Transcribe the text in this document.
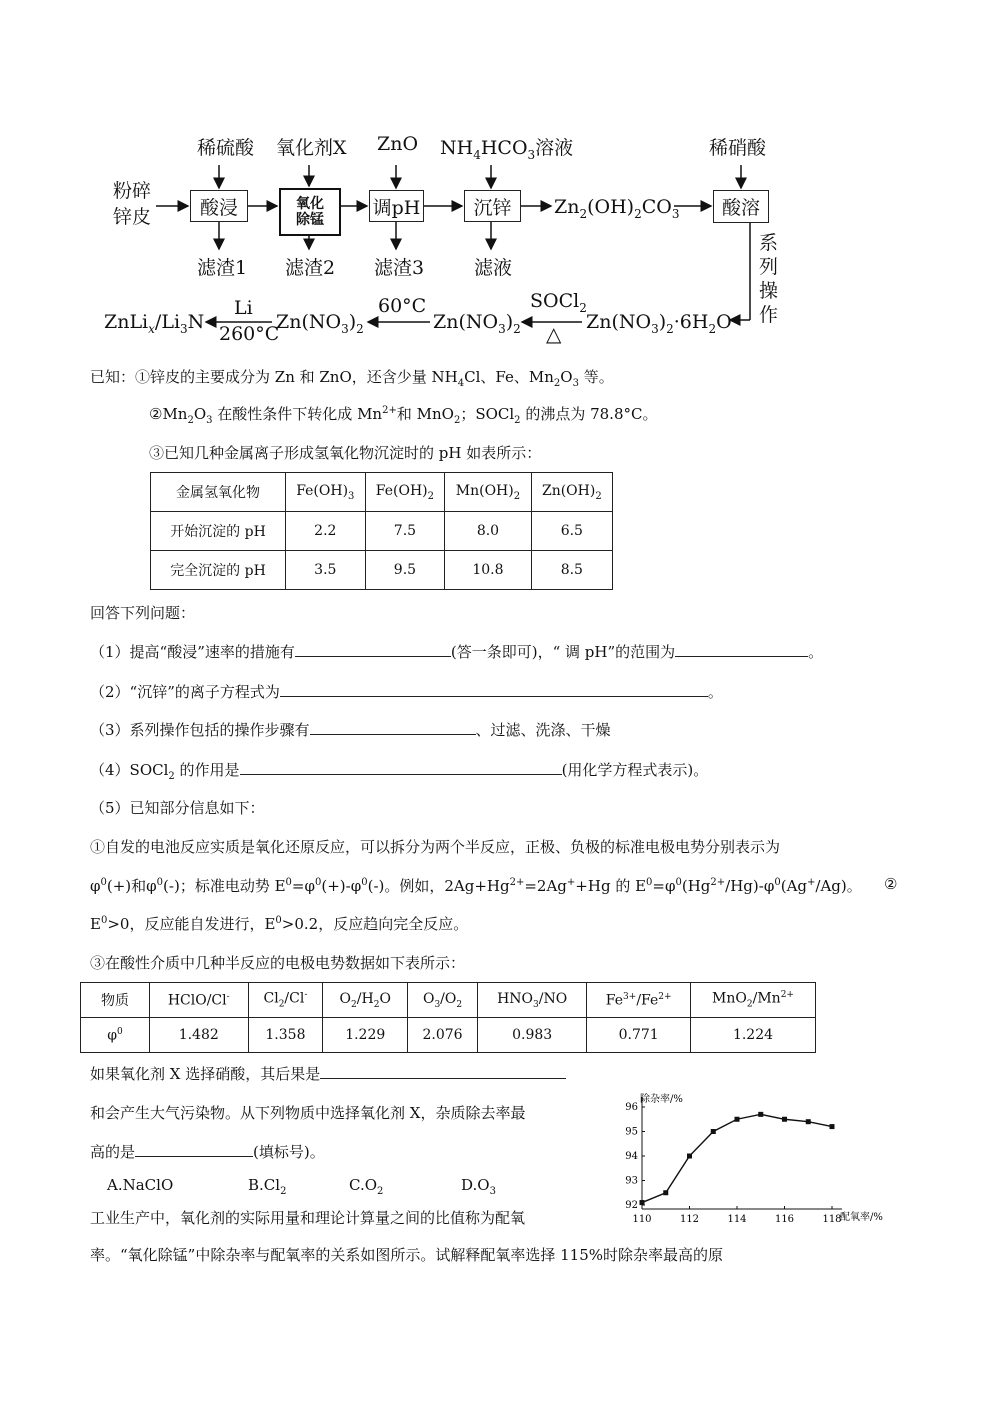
稀硫酸 氧化剂X ZnO $NH_4HCO_3$溶液	稀硝酸
粉碎
锌皮	酸浸	氧化
除锰
调pH	沉锌	酸溶
$Zn_2(OH)_2CO_3$
滤渣1 滤渣2 滤渣3	滤液
系
列
操
作
$Zn(NO_3)_2\cdot 6H_2O$
SOCl$_2$
△
$Zn(NO_3)_2$
60°C
$Zn(NO_3)_2$
Li
260°C
$ZnLi_x/Li_3N$
已知：①锌皮的主要成分为 Zn 和 ZnO，还含少量 $NH_4Cl$、Fe、$Mn_2O_3$ 等。
$②Mn_2O_3$ 在酸性条件下转化成 $Mn^{2+}$和 MnO$_2$；SOCl$_2$ 的沸点为 78.8°C。
③已知几种金属离子形成氢氧化物沉淀时的 pH 如表所示：
金属氢氧化物	$Fe(OH)_3$	$Fe(OH)_2$	$Mn(OH)_2$	$Zn(OH)_2$
开始沉淀的 pH	2.2	7.5	8.0	6.5
完全沉淀的 pH	3.5	9.5	10.8	8.5
回答下列问题：
（1）提高“酸浸”速率的措施有	(答一条即可)，“ 调 pH”的范围为	。
（2）“沉锌”的离子方程式为	。
（3）系列操作包括的操作步骤有	、过滤、洗涤、干燥
（4）SOCl$_2$ 的作用是	(用化学方程式表示)。
（5）已知部分信息如下：
①自发的电池反应实质是氧化还原反应，可以拆分为两个半反应，正极、负极的标准电极电势分别表示为
$\varphi^0(+)$和$\varphi^0(-)$；标准电动势 $E^0=\varphi^0(+)-\varphi^0(-)$。例如，$2Ag+Hg^{2+}=2Ag^++Hg$ 的 $E^0=\varphi^0(Hg^{2+}/Hg)-\varphi^0(Ag^+/Ag)$。 ②
$E^0>0$，反应能自发进行，$E^0>0.2$，反应趋向完全反应。
③在酸性介质中几种半反应的电极电势数据如下表所示：
物质	HClO/Cl-	$Cl_2/Cl^-$	$O_2/H_2O$	$O_3/O_2$	$HNO_3/NO$	$Fe^{3+}/Fe^{2+}$	$MnO_2/Mn^{2+}$
$\varphi^0$	1.482	1.358	1.229	2.076	0.983	0.771	1.224
如果氧化剂 X 选择硝酸，其后果是
和会产生大气污染物。从下列物质中选择氧化剂 X，杂质除去率最
高的是	(填标号)。
A.NaClO	$B.Cl_2$	$C.O_2$	$D.O_3$
工业生产中，氧化剂的实际用量和理论计算量之间的比值称为配氧
率。“氧化除锰”中除杂率与配氧率的关系如图所示。试解释配氧率选择 115%时除杂率最高的原
92
93
94
95
96
110	112	114	116	118
除杂率/%
配氧率/%
